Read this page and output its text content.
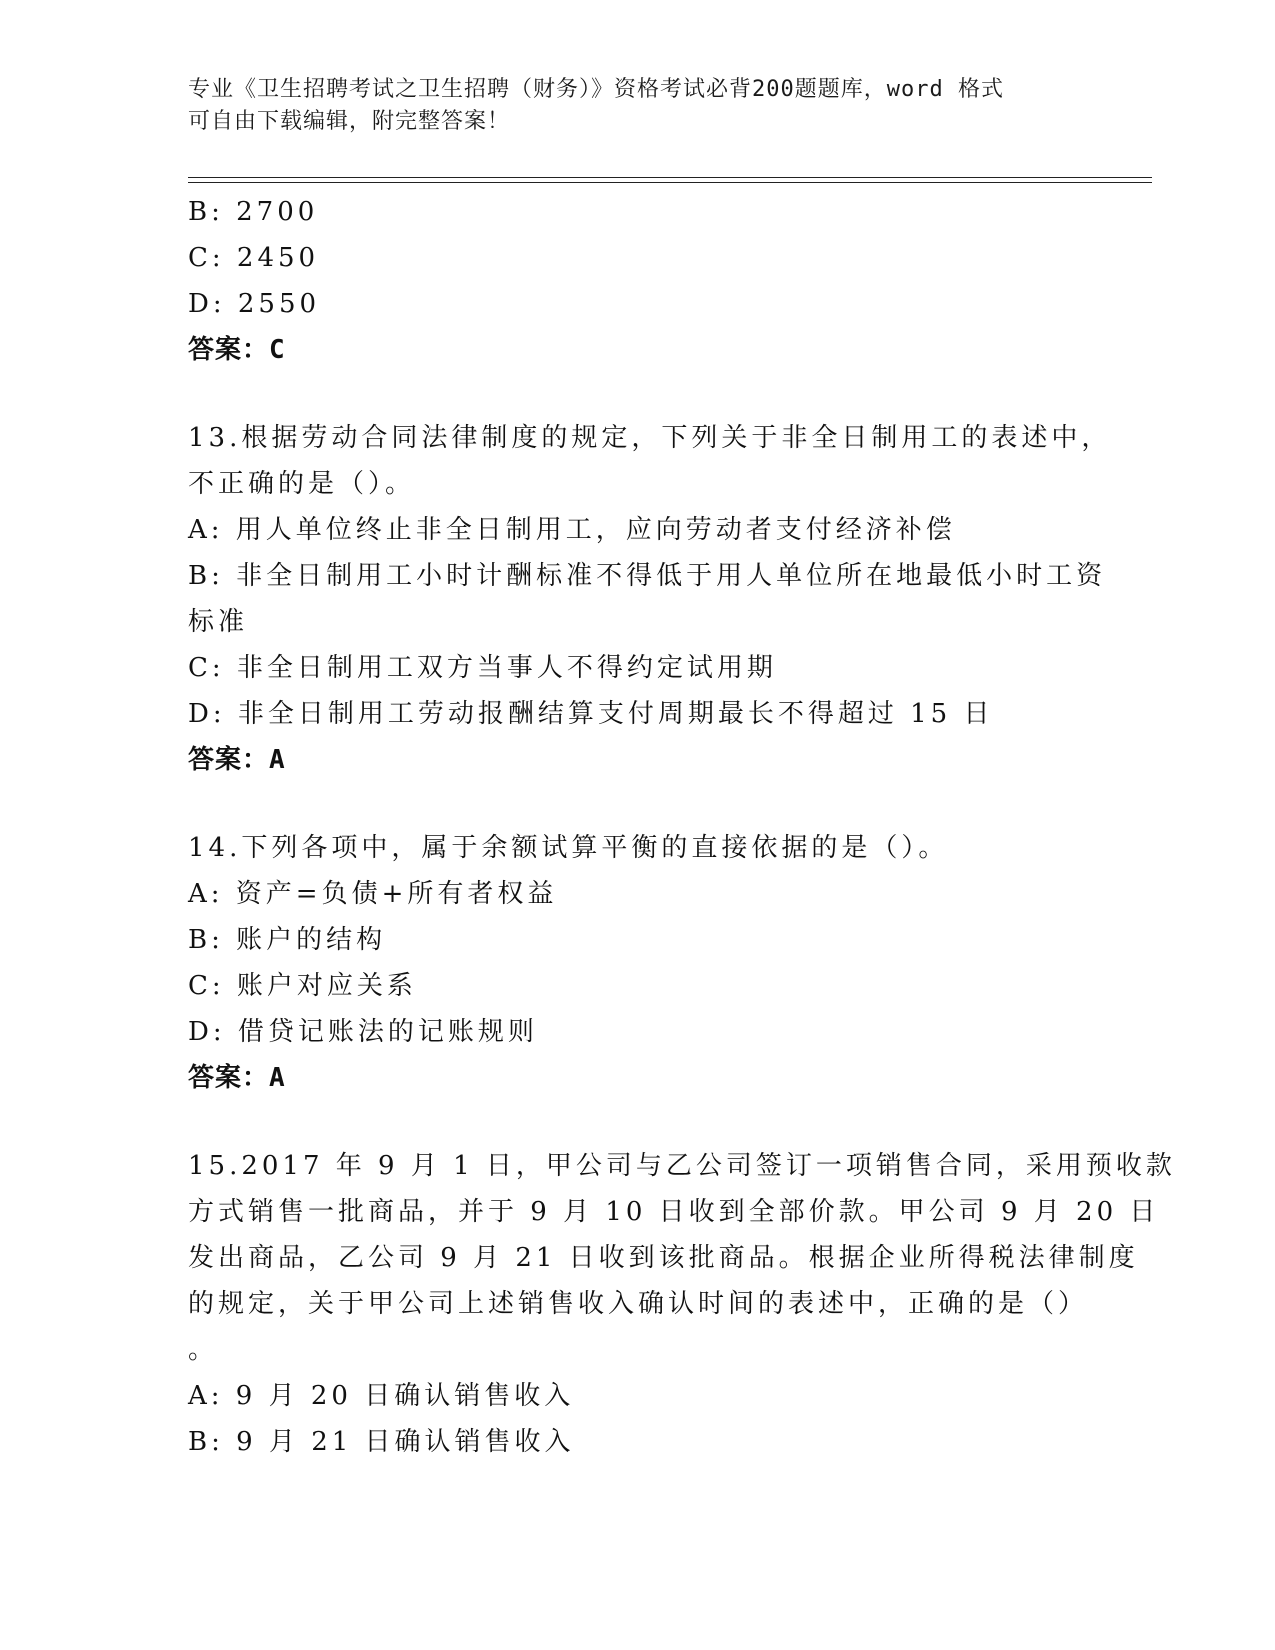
专业《卫生招聘考试之卫生招聘（财务）》资格考试必背200题题库，word 格式
可自由下载编辑，附完整答案！
B: 2700
C: 2450
D: 2550
答案：C
13.根据劳动合同法律制度的规定，下列关于非全日制用工的表述中，
不正确的是（）。
A: 用人单位终止非全日制用工，应向劳动者支付经济补偿
B: 非全日制用工小时计酬标准不得低于用人单位所在地最低小时工资
标准
C: 非全日制用工双方当事人不得约定试用期
D: 非全日制用工劳动报酬结算支付周期最长不得超过 15 日
答案：A
14.下列各项中，属于余额试算平衡的直接依据的是（）。
A: 资产=负债+所有者权益
B: 账户的结构
C: 账户对应关系
D: 借贷记账法的记账规则
答案：A
15.2017 年 9 月 1 日，甲公司与乙公司签订一项销售合同，采用预收款
方式销售一批商品，并于 9 月 10 日收到全部价款。甲公司 9 月 20 日
发出商品，乙公司 9 月 21 日收到该批商品。根据企业所得税法律制度
的规定，关于甲公司上述销售收入确认时间的表述中，正确的是（）
。
A: 9 月 20 日确认销售收入
B: 9 月 21 日确认销售收入
